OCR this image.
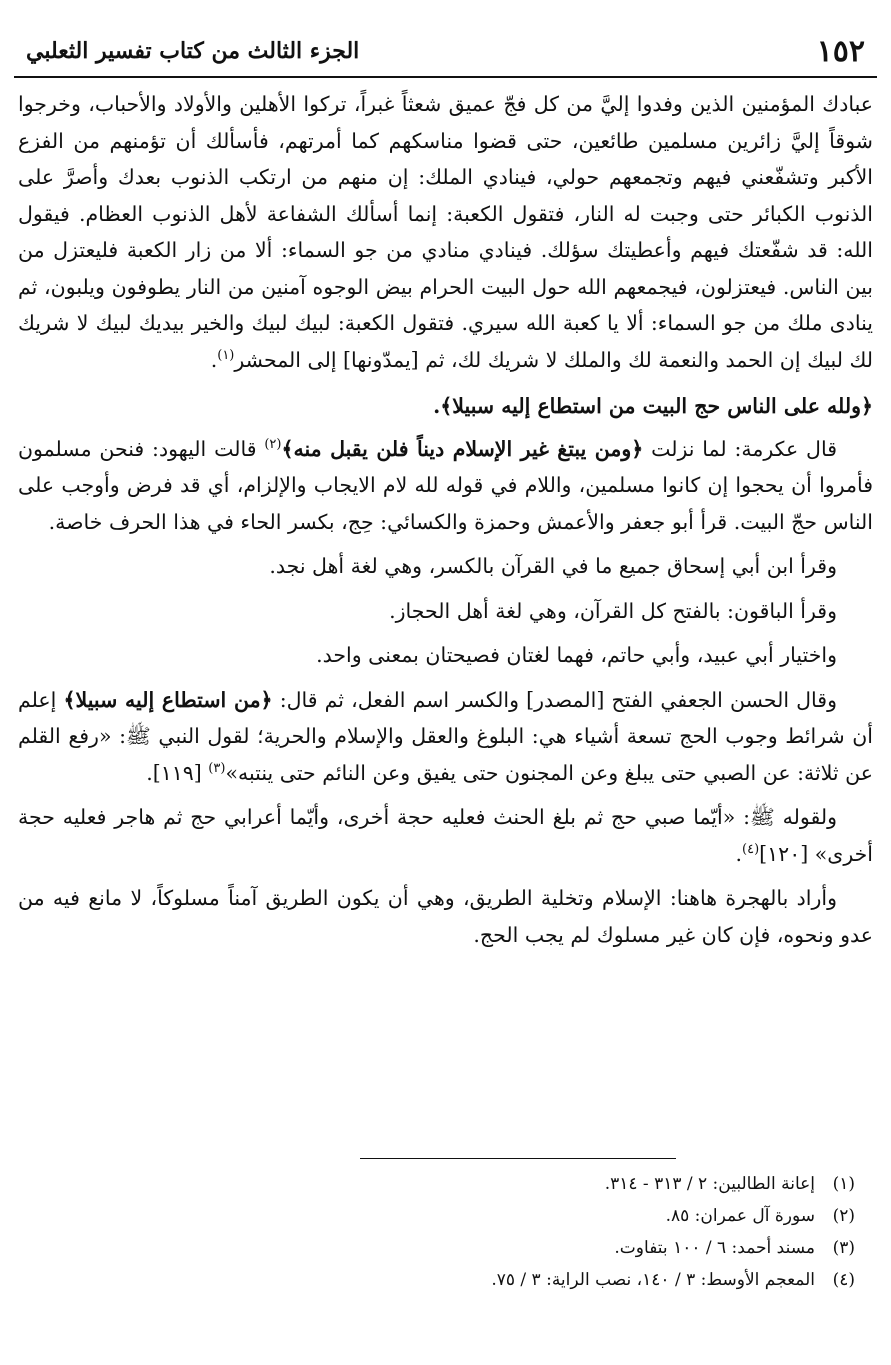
١٥٢
الجزء الثالث من كتاب تفسير الثعلبي

عبادك المؤمنين الذين وفدوا إليَّ من كل فجّ عميق شعثاً غبراً، تركوا الأهلين والأولاد والأحباب، وخرجوا شوقاً إليَّ زائرين مسلمين طائعين، حتى قضوا مناسكهم كما أمرتهم، فأسألك أن تؤمنهم من الفزع الأكبر وتشفّعني فيهم وتجمعهم حولي، فينادي الملك: إن منهم من ارتكب الذنوب بعدك وأصرَّ على الذنوب الكبائر حتى وجبت له النار، فتقول الكعبة: إنما أسألك الشفاعة لأهل الذنوب العظام. فيقول الله: قد شفّعتك فيهم وأعطيتك سؤلك. فينادي منادي من جو السماء: ألا من زار الكعبة فليعتزل من بين الناس. فيعتزلون، فيجمعهم الله حول البيت الحرام بيض الوجوه آمنين من النار يطوفون ويلبون، ثم ينادى ملك من جو السماء: ألا يا كعبة الله سيري. فتقول الكعبة: لبيك لبيك والخير بيديك لبيك لا شريك لك لبيك إن الحمد والنعمة لك والملك لا شريك لك، ثم [يمدّونها] إلى المحشر$^{(١)}$.

﴿ولله على الناس حج البيت من استطاع إليه سبيلا﴾.

قال عكرمة: لما نزلت ﴿ومن يبتغ غير الإسلام ديناً فلن يقبل منه﴾$^{(٢)}$ قالت اليهود: فنحن مسلمون فأمروا أن يحجوا إن كانوا مسلمين، واللام في قوله لله لام الايجاب والإلزام، أي قد فرض وأوجب على الناس حجّ البيت. قرأ أبو جعفر والأعمش وحمزة والكسائي: حِج، بكسر الحاء في هذا الحرف خاصة.

وقرأ ابن أبي إسحاق جميع ما في القرآن بالكسر، وهي لغة أهل نجد.

وقرأ الباقون: بالفتح كل القرآن، وهي لغة أهل الحجاز.

واختيار أبي عبيد، وأبي حاتم، فهما لغتان فصيحتان بمعنى واحد.

وقال الحسن الجعفي الفتح [المصدر] والكسر اسم الفعل، ثم قال: ﴿من استطاع إليه سبيلا﴾ إعلم أن شرائط وجوب الحج تسعة أشياء هي: البلوغ والعقل والإسلام والحرية؛ لقول النبي ﷺ: «رفع القلم عن ثلاثة: عن الصبي حتى يبلغ وعن المجنون حتى يفيق وعن النائم حتى ينتبه»$^{(٣)}$ [١١٩].

ولقوله ﷺ: «أيّما صبي حج ثم بلغ الحنث فعليه حجة أخرى، وأيّما أعرابي حج ثم هاجر فعليه حجة أخرى» [١٢٠]$^{(٤)}$.

وأراد بالهجرة هاهنا: الإسلام وتخلية الطريق، وهي أن يكون الطريق آمناً مسلوكاً، لا مانع فيه من عدو ونحوه، فإن كان غير مسلوك لم يجب الحج.

(١)إعانة الطالبين: ٢ / ٣١٣ - ٣١٤.
(٢)سورة آل عمران: ٨٥.
(٣)مسند أحمد: ٦ / ١٠٠ بتفاوت.
(٤)المعجم الأوسط: ٣ / ١٤٠، نصب الراية: ٣ / ٧٥.
